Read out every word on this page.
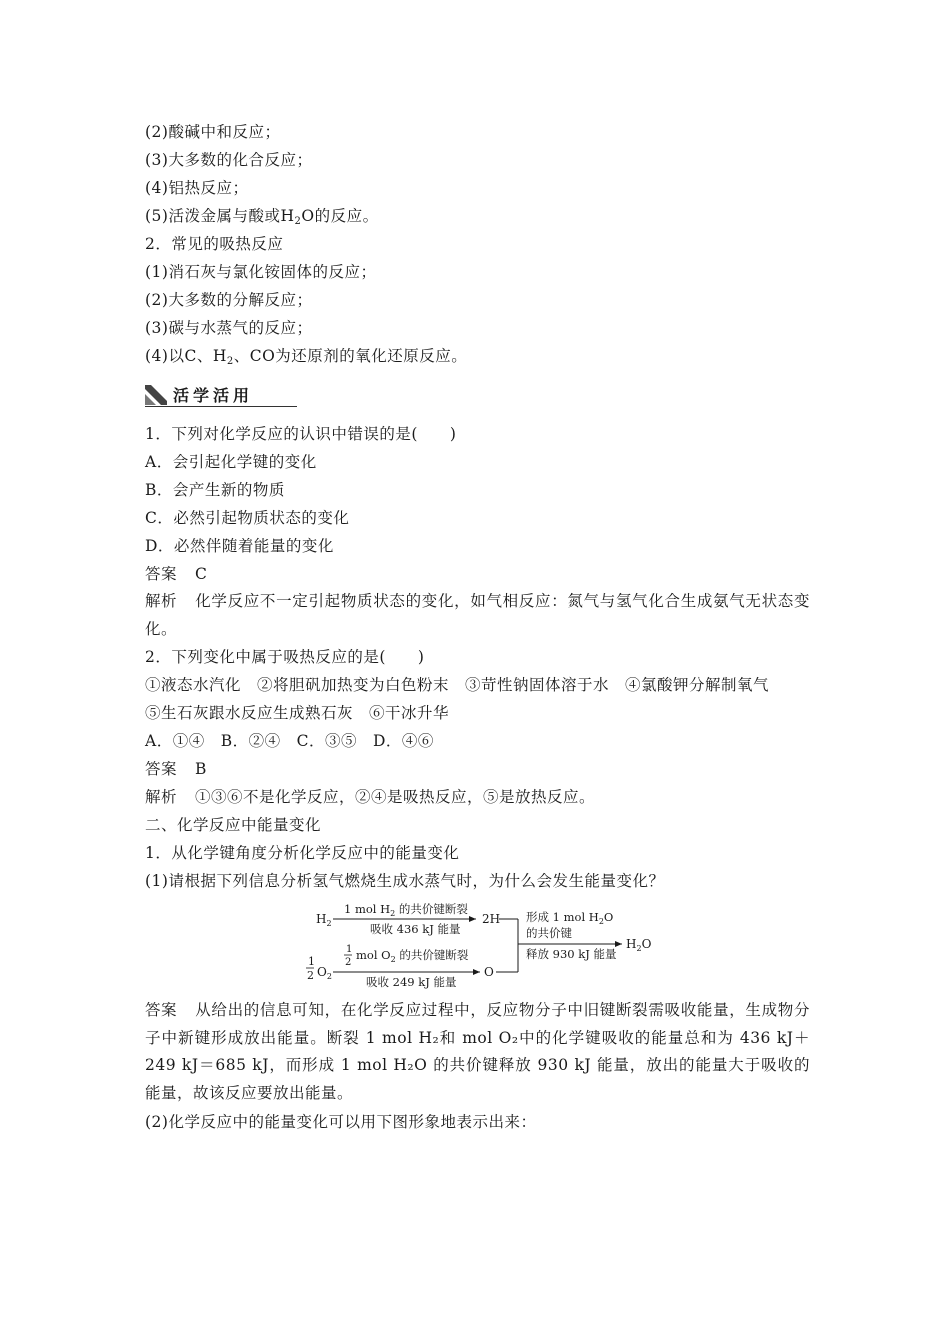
(2)酸碱中和反应；
(3)大多数的化合反应；
(4)铝热反应；
(5)活泼金属与酸或$H_2O$的反应。
2．常见的吸热反应
(1)消石灰与氯化铵固体的反应；
(2)大多数的分解反应；
(3)碳与水蒸气的反应；
(4)以C、$H_2$、CO为还原剂的氧化还原反应。
活学活用
1．下列对化学反应的认识中错误的是(　　)
A．会引起化学键的变化
B．会产生新的物质
C．必然引起物质状态的变化
D．必然伴随着能量的变化
答案 C
解析 化学反应不一定引起物质状态的变化，如气相反应：氮气与氢气化合生成氨气无状态变化。
2．下列变化中属于吸热反应的是(　　)
①液态水汽化　②将胆矾加热变为白色粉末　③苛性钠固体溶于水　④氯酸钾分解制氧气
⑤生石灰跟水反应生成熟石灰　⑥干冰升华
A．①④　B．②④　C．③⑤　D．④⑥
答案 B
解析 ①③⑥不是化学反应，②④是吸热反应，⑤是放热反应。
二、化学反应中能量变化
1．从化学键角度分析化学反应中的能量变化
(1)请根据下列信息分析氢气燃烧生成水蒸气时，为什么会发生能量变化？
$H_2$
1 mol $H_2$ 的共价键断裂
吸收 436 kJ 能量
2H
1
2 $O_2$
1
2
mol $O_2$ 的共价键断裂
吸收 249 kJ 能量
O
形成 1 mol $H_2O$
的共价键
释放 930 kJ 能量
$H_2O$
答案 从给出的信息可知，在化学反应过程中，反应物分子中旧键断裂需吸收能量，生成物分子中新键形成放出能量。断裂 1 mol H₂和 mol O₂中的化学键吸收的能量总和为 436 kJ＋249 kJ＝685 kJ，而形成 1 mol H₂O 的共价键释放 930 kJ 能量，放出的能量大于吸收的能量，故该反应要放出能量。
(2)化学反应中的能量变化可以用下图形象地表示出来：
